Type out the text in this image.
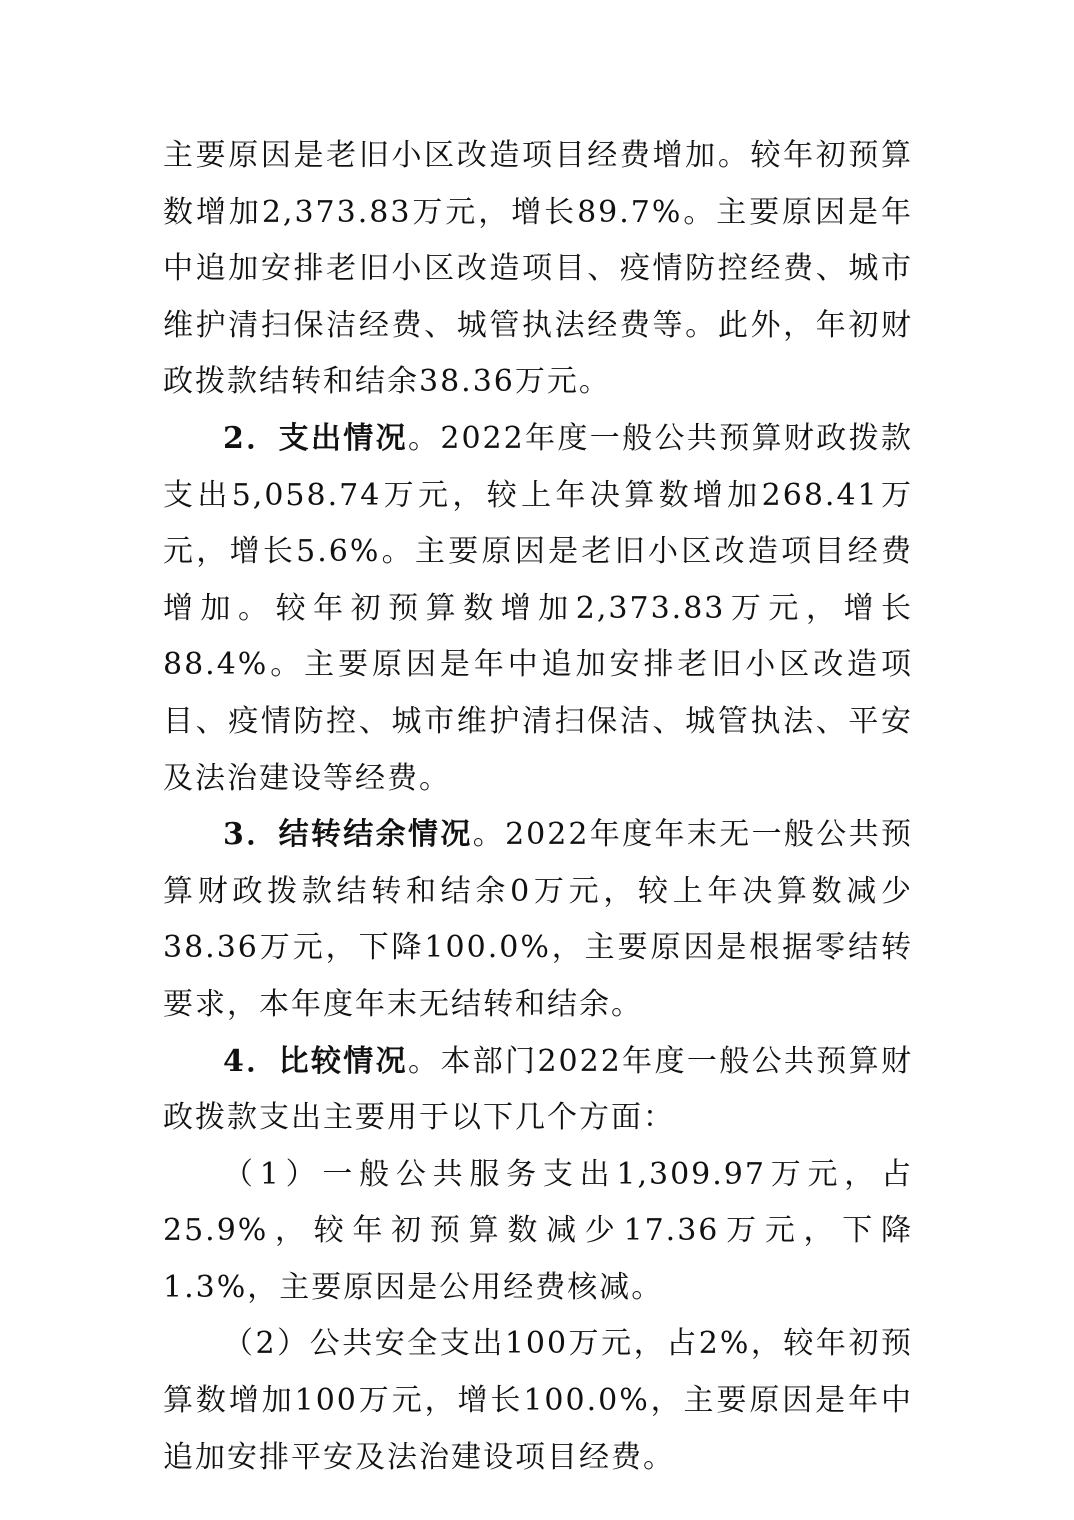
主要原因是老旧小区改造项目经费增加。较年初预算数增加2,373.83万元，增长89.7%。主要原因是年中追加安排老旧小区改造项目、疫情防控经费、城市维护清扫保洁经费、城管执法经费等。此外，年初财政拨款结转和结余38.36万元。

2．支出情况。2022年度一般公共预算财政拨款支出5,058.74万元，较上年决算数增加268.41万元，增长5.6%。主要原因是老旧小区改造项目经费增加。较年初预算数增加2,373.83万元，增长88.4%。主要原因是年中追加安排老旧小区改造项目、疫情防控、城市维护清扫保洁、城管执法、平安及法治建设等经费。

3．结转结余情况。2022年度年末无一般公共预算财政拨款结转和结余0万元，较上年决算数减少38.36万元，下降100.0%，主要原因是根据零结转要求，本年度年末无结转和结余。

4．比较情况。本部门2022年度一般公共预算财政拨款支出主要用于以下几个方面：

（1）一般公共服务支出1,309.97万元，占25.9%，较年初预算数减少17.36万元，下降1.3%，主要原因是公用经费核减。

（2）公共安全支出100万元，占2%，较年初预算数增加100万元，增长100.0%，主要原因是年中追加安排平安及法治建设项目经费。
